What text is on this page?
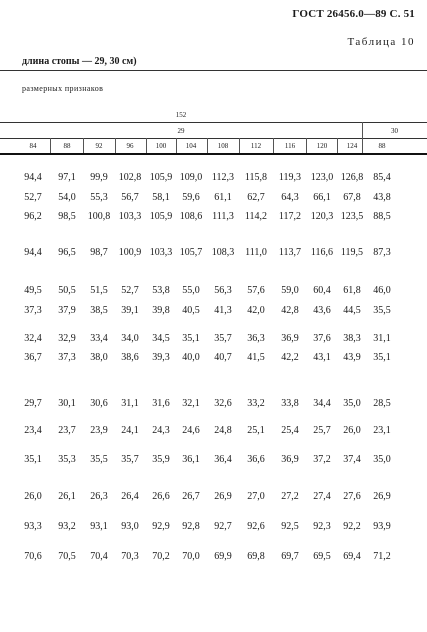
ГОСТ 26456.0—89 С. 51
Таблица 10
длина стопы — 29, 30 см)
размерных признаков
152
29	30
84	88	92	96	100	104	108	112	116	120	124	88
94,4	97,1	99,9	102,8 105,9 109,0 112,3	115,8	119,3 123,0 126,8	85,4
52,7	54,0	55,3	56,7	58,1	59,6	61,1	62,7	64,3	66,1	67,8	43,8
96,2	98,5	100,8 103,3 105,9 108,6 111,3	114,2	117,2 120,3 123,5	88,5
94,4	96,5	98,7	100,9 103,3 105,7 108,3	111,0	113,7 116,6 119,5	87,3
49,5	50,5	51,5	52,7	53,8	55,0	56,3	57,6	59,0	60,4	61,8	46,0
37,3	37,9	38,5	39,1	39,8	40,5	41,3	42,0	42,8	43,6	44,5	35,5
32,4	32,9	33,4	34,0	34,5	35,1	35,7	36,3	36,9	37,6	38,3	31,1
36,7	37,3	38,0	38,6	39,3	40,0	40,7	41,5	42,2	43,1	43,9	35,1
29,7	30,1	30,6	31,1	31,6	32,1	32,6	33,2	33,8	34,4	35,0	28,5
23,4	23,7	23,9	24,1	24,3	24,6	24,8	25,1	25,4	25,7	26,0	23,1
35,1	35,3	35,5	35,7	35,9	36,1	36,4	36,6	36,9	37,2	37,4	35,0
26,0	26,1	26,3	26,4	26,6	26,7	26,9	27,0	27,2	27,4	27,6	26,9
93,3	93,2	93,1	93,0	92,9	92,8	92,7	92,6	92,5	92,3	92,2	93,9
70,6	70,5	70,4	70,3	70,2	70,0	69,9	69,8	69,7	69,5	69,4	71,2
